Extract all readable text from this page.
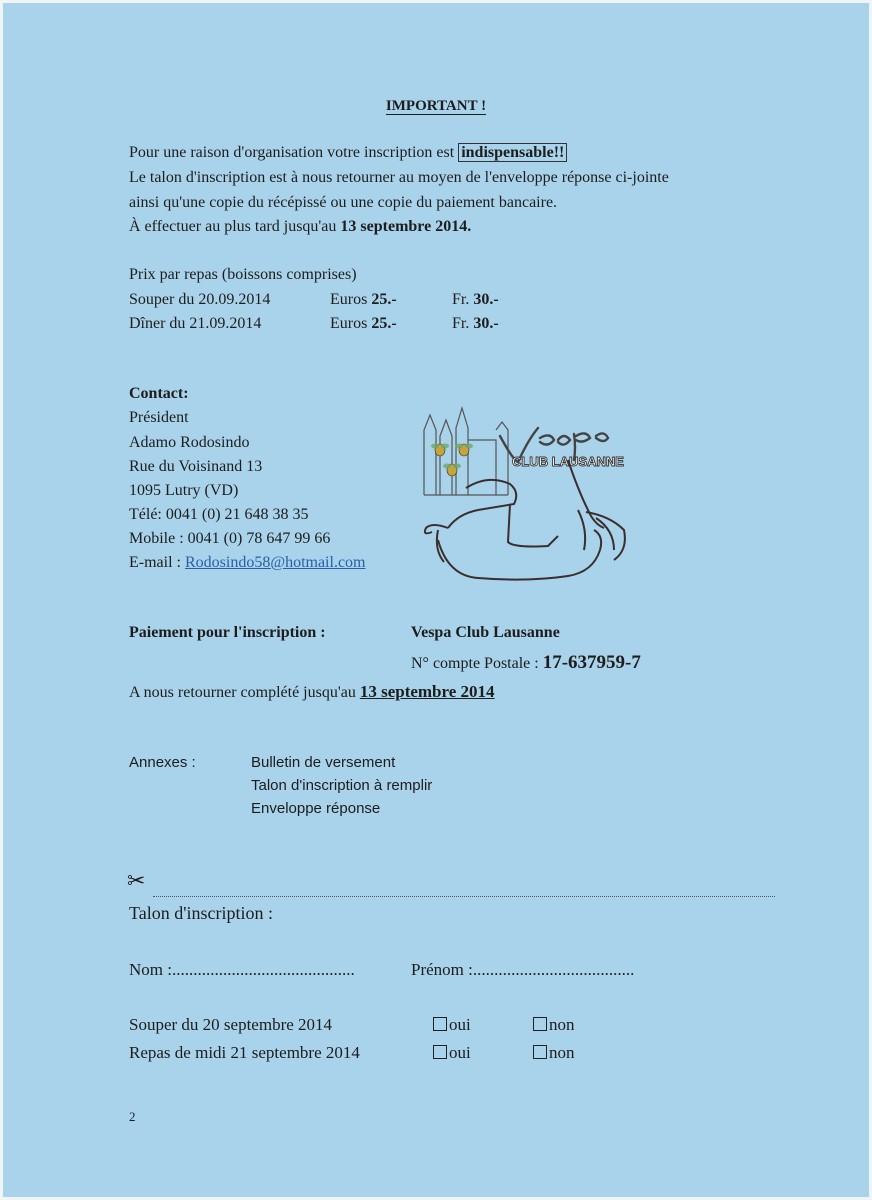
IMPORTANT !
Pour une raison d'organisation votre inscription est indispensable!!
Le talon d'inscription est à nous retourner au moyen de l'enveloppe réponse ci-jointe
ainsi qu'une copie du récépissé ou une copie du paiement bancaire.
À effectuer au plus tard jusqu'au 13 septembre 2014.
Prix par repas (boissons comprises)
Souper du 20.09.2014	Euros 25.-	Fr. 30.-
Dîner du 21.09.2014	Euros 25.-	Fr. 30.-
Contact:
Président
Adamo Rodosindo
Rue du Voisinand 13
1095 Lutry (VD)
Télé: 0041 (0) 21 648 38 35
Mobile : 0041 (0) 78 647 99 66
E-mail : Rodosindo58@hotmail.com
CLUB LAUSANNE
Paiement pour l'inscription :	Vespa Club Lausanne
N° compte Postale : 17-637959-7
A nous retourner complété jusqu'au 13 septembre 2014
Annexes :	Bulletin de versement
Talon d'inscription à remplir
Enveloppe réponse
✂
Talon d'inscription :
Nom :...........................................	Prénom :......................................
Souper du 20 septembre 2014	oui	non
Repas de midi 21 septembre 2014	oui	non
2
